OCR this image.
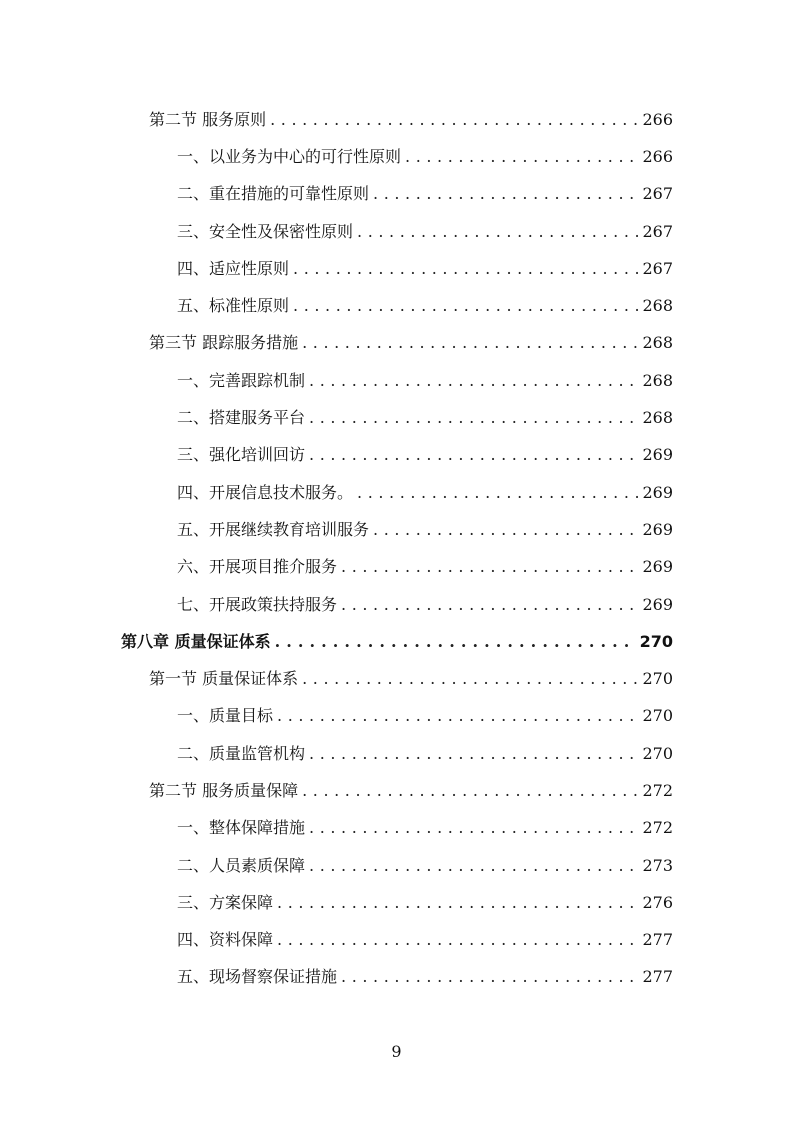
第二节 服务原则 . . .	266
一、以业务为中心的可行性原则 . . .	266
二、重在措施的可靠性原则 . . .	267
三、安全性及保密性原则 . . .	267
四、适应性原则 . . .	267
五、标准性原则 . . .	268
第三节 跟踪服务措施 . . .	268
一、完善跟踪机制 . . .	268
二、搭建服务平台 . . .	268
三、强化培训回访 . . .	269
四、开展信息技术服务。 . . .	269
五、开展继续教育培训服务 . . .	269
六、开展项目推介服务 . . .	269
七、开展政策扶持服务 . . .	269
第八章 质量保证体系 . . .	270
第一节 质量保证体系 . . .	270
一、质量目标 . . .	270
二、质量监管机构 . . .	270
第二节 服务质量保障 . . .	272
一、整体保障措施 . . .	272
二、人员素质保障 . . .	273
三、方案保障 . . .	276
四、资料保障 . . .	277
五、现场督察保证措施 . . .	277
9
